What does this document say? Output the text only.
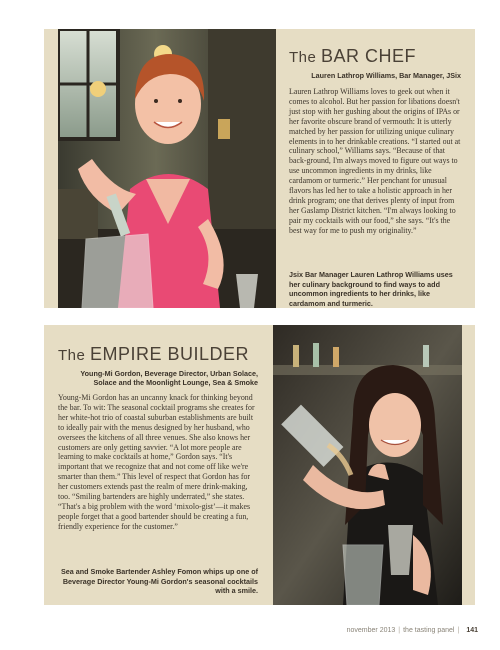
The BAR CHEF
Lauren Lathrop Williams, Bar Manager, JSix

Lauren Lathrop Williams loves to geek out when it comes to alcohol. But her passion for libations doesn't just stop with her gushing about the origins of IPAs or her favorite obscure brand of vermouth: It is utterly matched by her passion for utilizing unique culinary elements in to her drinkable creations. “I started out at culinary school,” Williams says. “Because of that back-ground, I'm always moved to figure out ways to use uncommon ingredients in my drinks, like cardamom or turmeric.” Her penchant for unusual flavors has led her to take a holistic approach in her drink program; one that derives plenty of input from her Gaslamp District kitchen. “I'm always looking to pair my cocktails with our food,” she says. “It's the best way for me to push my originality.”

Jsix Bar Manager Lauren Lathrop Williams uses her culinary background to find ways to add uncommon ingredients to her drinks, like cardamom and turmeric.

The EMPIRE BUILDER
Young-Mi Gordon, Beverage Director, Urban Solace, Solace and the Moonlight Lounge, Sea & Smoke

Young-Mi Gordon has an uncanny knack for thinking beyond the bar. To wit: The seasonal cocktail programs she creates for her white-hot trio of coastal suburban establishments are built to ideally pair with the menus designed by her husband, who oversees the kitchens of all three venues. She also knows her customers are only getting savvier. “A lot more people are learning to make cocktails at home,” Gordon says. “It's important that we recognize that and not come off like we're smarter than them.” This level of respect that Gordon has for her customers extends past the realm of mere drink-making, too. “Smiling bartenders are highly underrated,” she states. “That's a big problem with the word ‘mixolo-gist’—it makes people forget that a good bartender should be creating a fun, friendly experience for the customer.”

Sea and Smoke Bartender Ashley Fomon whips up one of Beverage Director Young-Mi Gordon's seasonal cocktails with a smile.

november 2013 | the tasting panel | 141
